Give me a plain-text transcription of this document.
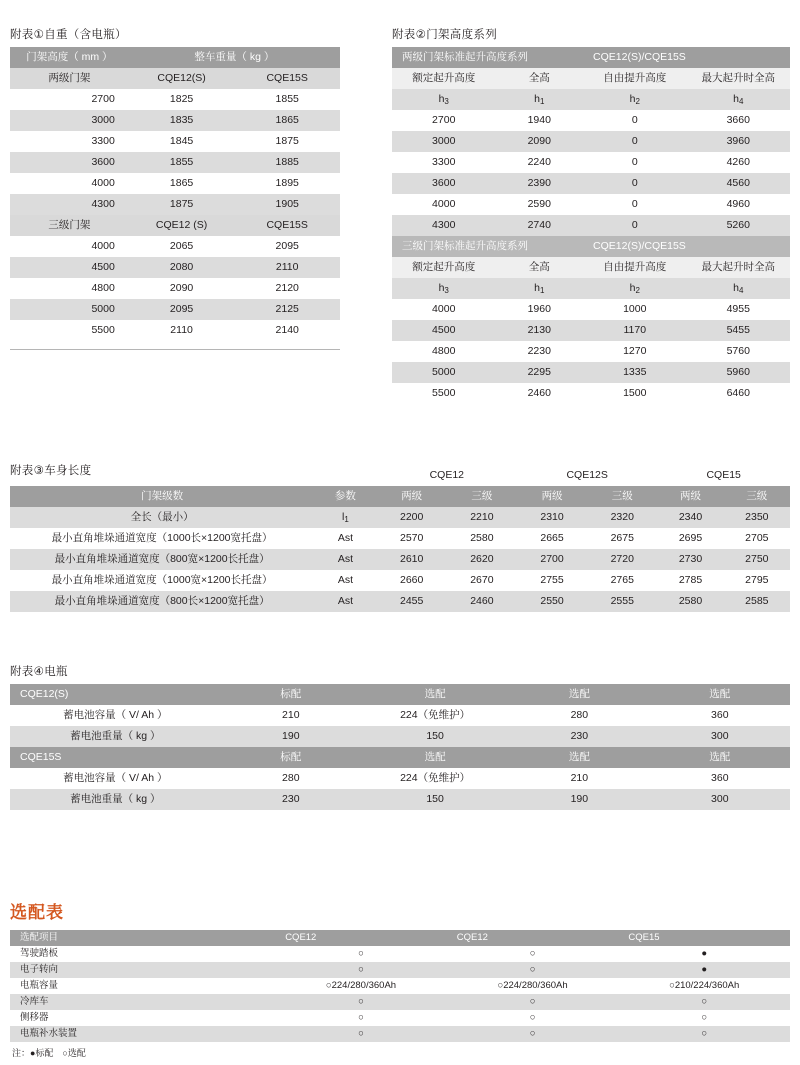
附表①自重（含电瓶）
门架高度（ mm ）	整车重量（ kg ）	
两级门架	CQE12(S)	CQE15S
2700	1825	1855
3000	1835	1865
3300	1845	1875
3600	1855	1885
4000	1865	1895
4300	1875	1905
三级门架	CQE12 (S)	CQE15S
4000	2065	2095
4500	2080	2110
4800	2090	2120
5000	2095	2125
5500	2110	2140
附表②门架高度系列
两级门架标准起升高度系列		CQE12(S)/CQE15S	
额定起升高度	全高	自由提升高度	最大起升时全高
$h_3$	$h_1$	$h_2$	$h_4$
2700	1940	0	3660
3000	2090	0	3960
3300	2240	0	4260
3600	2390	0	4560
4000	2590	0	4960
4300	2740	0	5260
三级门架标准起升高度系列		CQE12(S)/CQE15S	
额定起升高度	全高	自由提升高度	最大起升时全高
$h_3$	$h_1$	$h_2$	$h_4$
4000	1960	1000	4955
4500	2130	1170	5455
4800	2230	1270	5760
5000	2295	1335	5960
5500	2460	1500	6460
附表③车身长度
			CQE12		CQE12S		CQE15	
门架级数	参数	两级	三级	两级	三级	两级	三级
全长（最小）	$l_1$	2200	2210	2310	2320	2340	2350
最小直角堆垛通道宽度（1000长×1200宽托盘）	Ast	2570	2580	2665	2675	2695	2705
最小直角堆垛通道宽度（800宽×1200长托盘）	Ast	2610	2620	2700	2720	2730	2750
最小直角堆垛通道宽度（1000宽×1200长托盘）	Ast	2660	2670	2755	2765	2785	2795
最小直角堆垛通道宽度（800长×1200宽托盘）	Ast	2455	2460	2550	2555	2580	2585
附表④电瓶
CQE12(S)	标配	选配	选配	选配
蓄电池容量（ V/ Ah ）	210	224（免维护）	280	360
蓄电池重量（ kg ）	190	150	230	300
CQE15S	标配	选配	选配	选配
蓄电池容量（ V/ Ah ）	280	224（免维护）	210	360
蓄电池重量（ kg ）	230	150	190	300
选配表
选配项目	CQE12	CQE12	CQE15
驾驶踏板	○	○	●
电子转向	○	○	●
电瓶容量	○224/280/360Ah	○224/280/360Ah	○210/224/360Ah
冷库车	○	○	○
侧移器	○	○	○
电瓶补水装置	○	○	○
注：●标配　○选配
